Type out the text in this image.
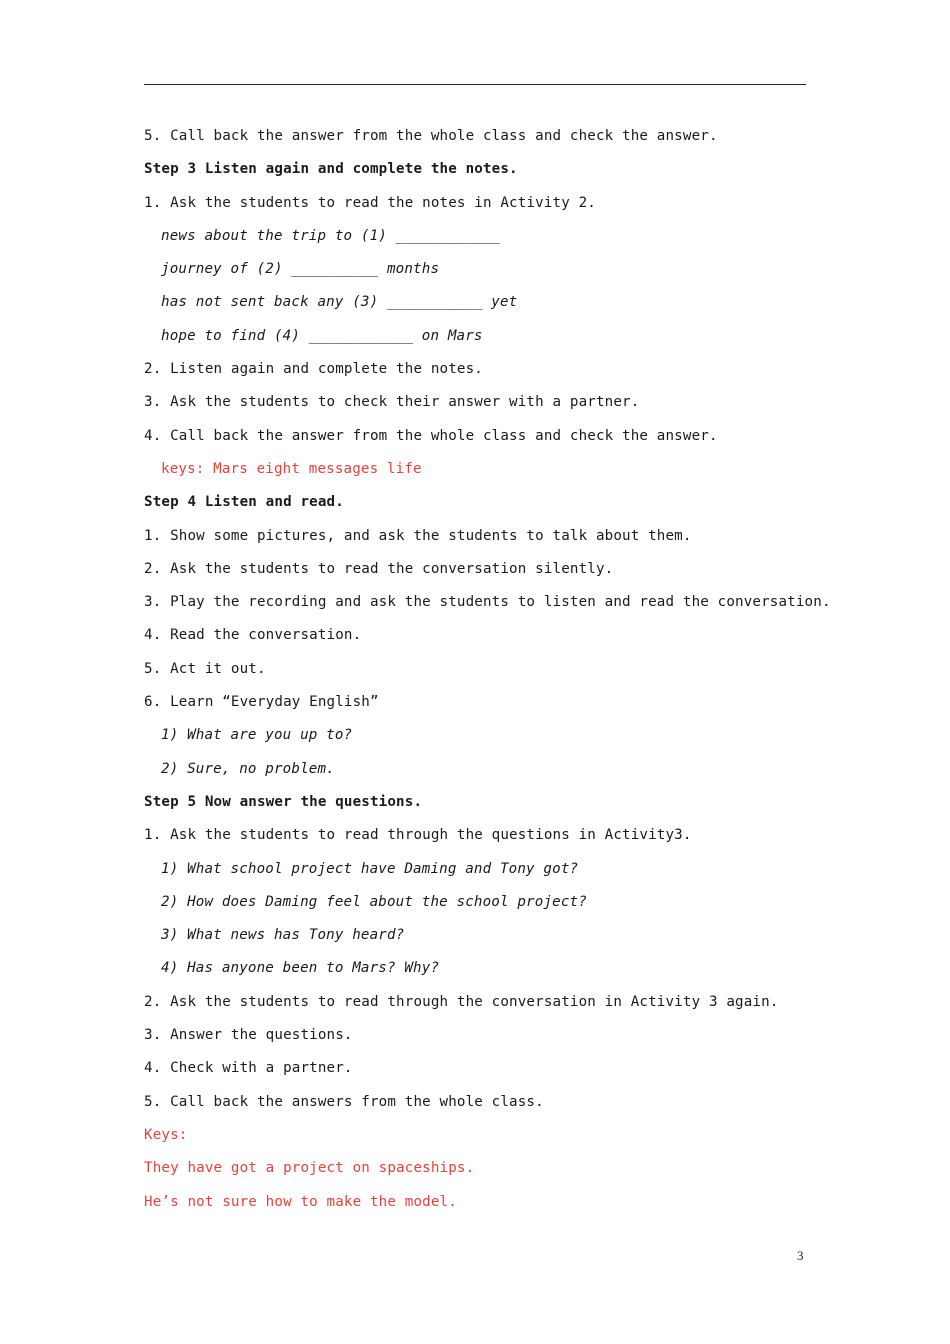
5. Call back the answer from the whole class and check the answer.
Step 3 Listen again and complete the notes.
1. Ask the students to read the notes in Activity 2.
news about the trip to (1) ____________
journey of (2) __________ months
has not sent back any (3) ___________ yet
hope to find (4) ____________ on Mars
2. Listen again and complete the notes.
3. Ask the students to check their answer with a partner.
4. Call back the answer from the whole class and check the answer.
keys: Mars eight messages life
Step 4 Listen and read.
1. Show some pictures, and ask the students to talk about them.
2. Ask the students to read the conversation silently.
3. Play the recording and ask the students to listen and read the conversation.
4. Read the conversation.
5. Act it out.
6. Learn “Everyday English”
1) What are you up to?
2) Sure, no problem.
Step 5 Now answer the questions.
1. Ask the students to read through the questions in Activity3.
1) What school project have Daming and Tony got?
2) How does Daming feel about the school project?
3) What news has Tony heard?
4) Has anyone been to Mars? Why?
2. Ask the students to read through the conversation in Activity 3 again.
3. Answer the questions.
4. Check with a partner.
5. Call back the answers from the whole class.
Keys:
They have got a project on spaceships.
He’s not sure how to make the model.
3
